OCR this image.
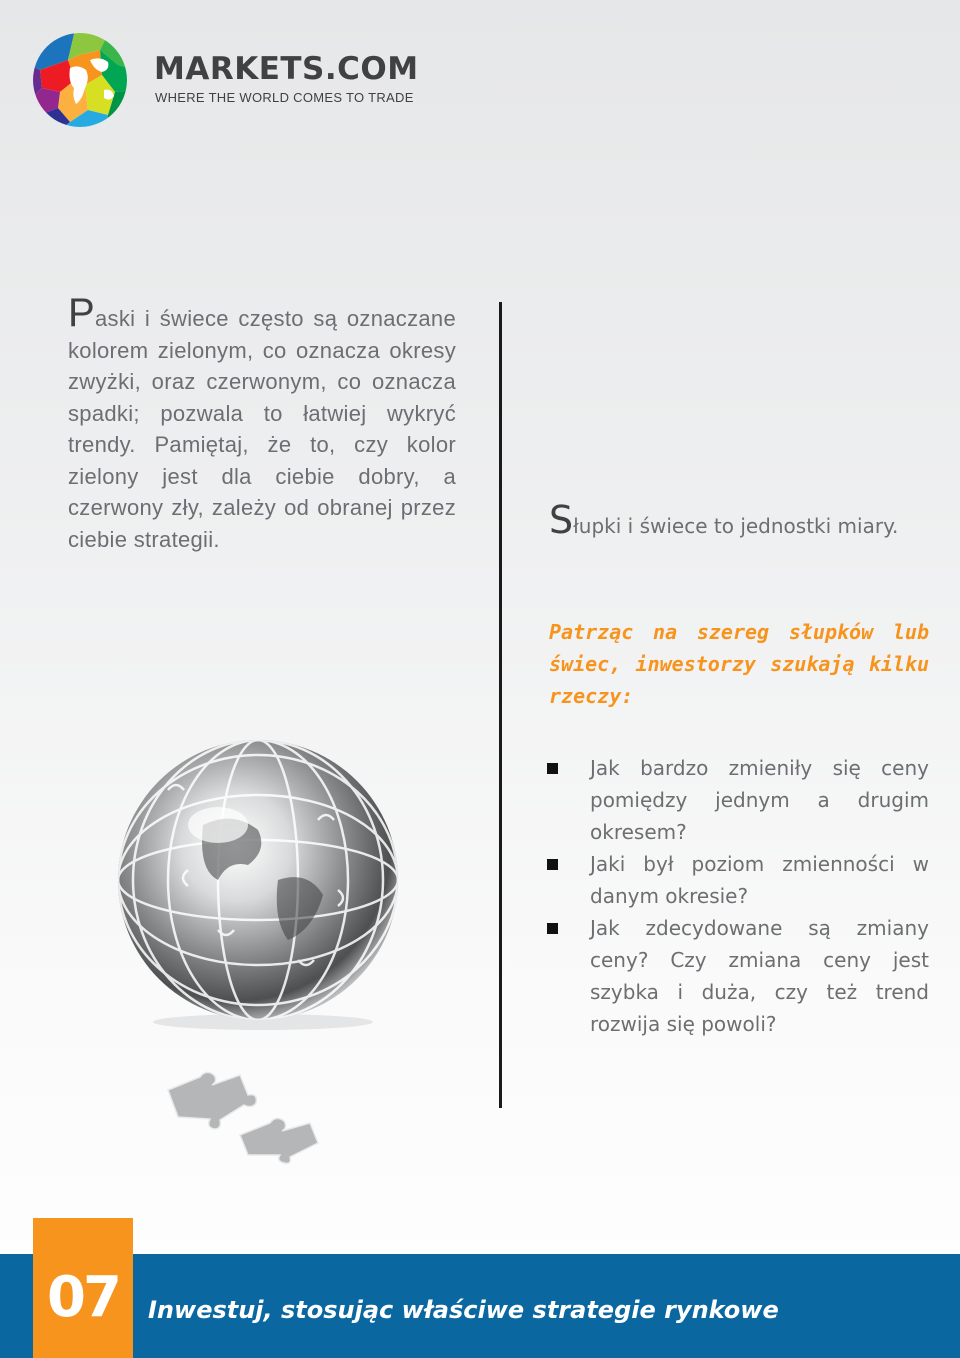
MARKETS.COM

WHERE THE WORLD COMES TO TRADE

Paski i świece często są oznaczane kolorem zielonym, co oznacza okresy zwyżki, oraz czerwonym, co oznacza spadki; pozwala to łatwiej wykryć trendy. Pamiętaj, że to, czy kolor zielony jest dla ciebie dobry, a czerwony zły, zależy od obranej przez ciebie strategii.	Słupki i świece to jednostki miary.

Patrząc na szereg słupków lub świec, inwestorzy szukają kilku rzeczy:

Jak bardzo zmieniły się ceny pomiędzy jednym a drugim okresem?
Jaki był poziom zmienności w danym okresie?
Jak zdecydowane są zmiany ceny? Czy zmiana ceny jest szybka i duża, czy też trend rozwija się powoli?

07	Inwestuj, stosując właściwe strategie rynkowe
